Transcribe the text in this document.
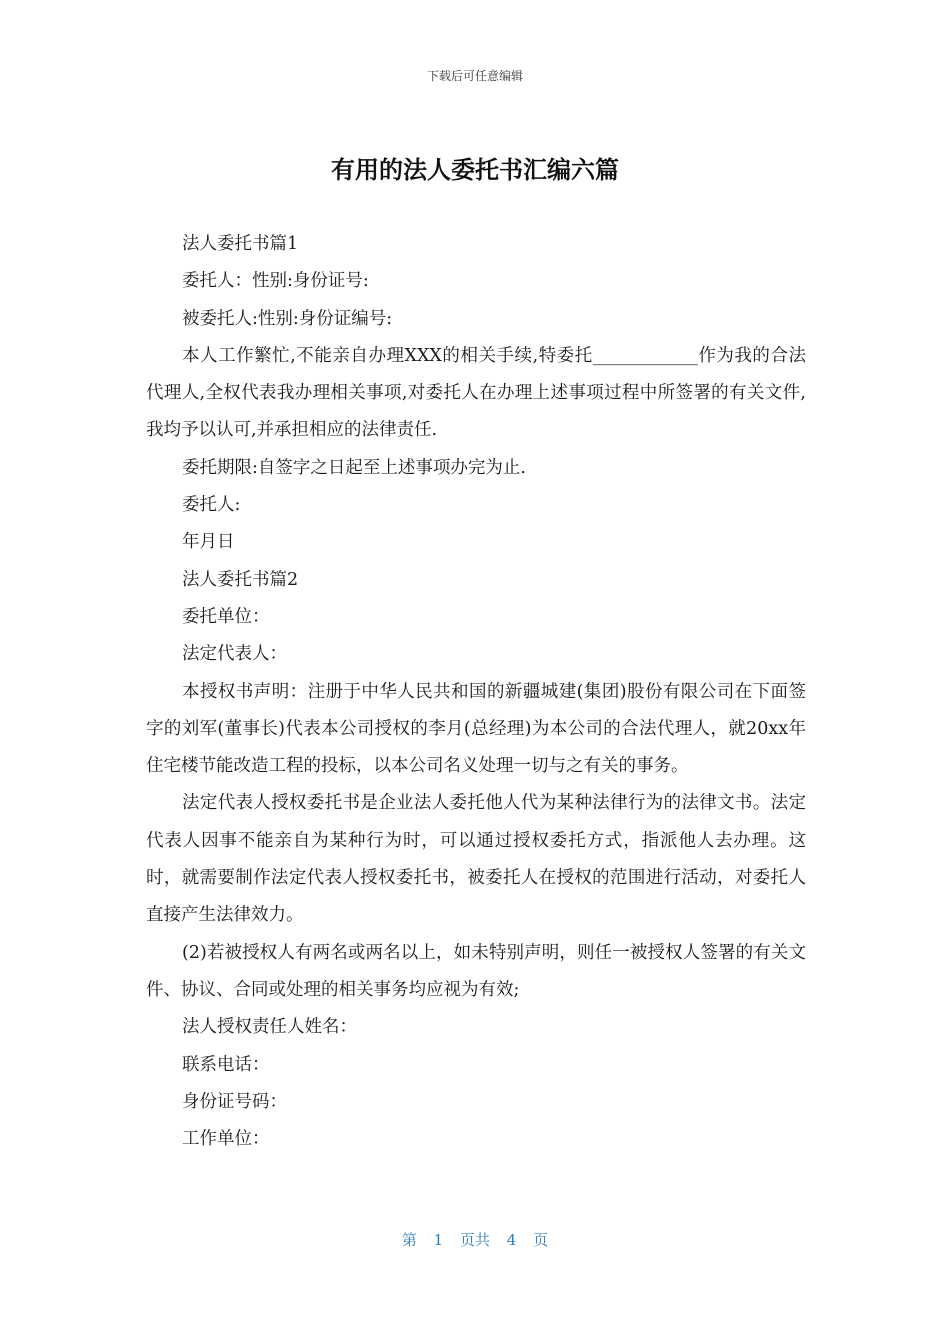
下载后可任意编辑
有用的法人委托书汇编六篇

法人委托书篇1

委托人：性别:身份证号:

被委托人:性别:身份证编号:

本人工作繁忙,不能亲自办理XXX的相关手续,特委托____________作为我的合法代理人,全权代表我办理相关事项,对委托人在办理上述事项过程中所签署的有关文件,我均予以认可,并承担相应的法律责任.

委托期限:自签字之日起至上述事项办完为止.

委托人:

年月日

法人委托书篇2

委托单位：

法定代表人：

本授权书声明：注册于中华人民共和国的新疆城建(集团)股份有限公司在下面签字的刘军(董事长)代表本公司授权的李月(总经理)为本公司的合法代理人，就20xx年住宅楼节能改造工程的投标，以本公司名义处理一切与之有关的事务。

法定代表人授权委托书是企业法人委托他人代为某种法律行为的法律文书。法定代表人因事不能亲自为某种行为时，可以通过授权委托方式，指派他人去办理。这时，就需要制作法定代表人授权委托书，被委托人在授权的范围进行活动，对委托人直接产生法律效力。

(2)若被授权人有两名或两名以上，如未特别声明，则任一被授权人签署的有关文件、协议、合同或处理的相关事务均应视为有效;

法人授权责任人姓名：

联系电话：

身份证号码：

工作单位：

第 1 页共 4 页
